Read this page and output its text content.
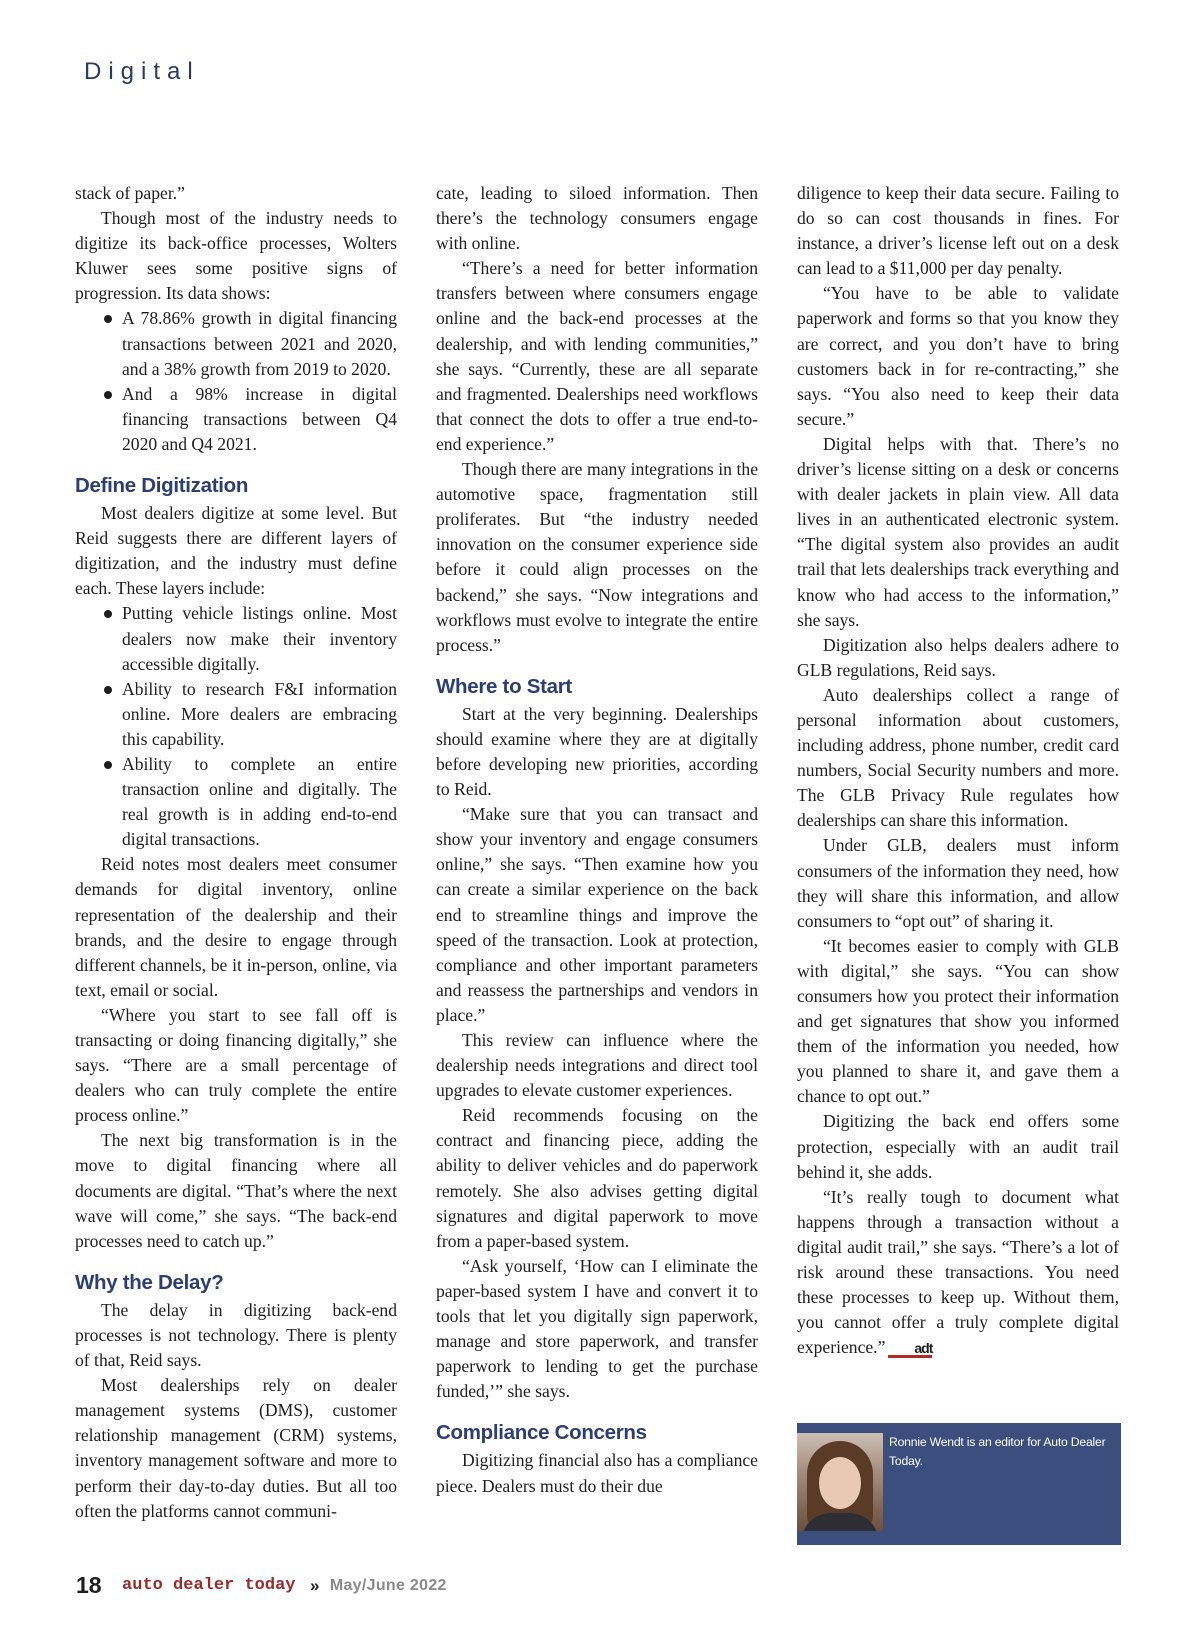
Digital

stack of paper.”

Though most of the industry needs to digitize its back-office processes, Wolters Kluwer sees some positive signs of progression. Its data shows:

A 78.86% growth in digital financing transactions between 2021 and 2020, and a 38% growth from 2019 to 2020.
And a 98% increase in digital financing transactions between Q4 2020 and Q4 2021.
Define Digitization

Most dealers digitize at some level. But Reid suggests there are different layers of digitization, and the industry must define each. These layers include:

Putting vehicle listings online. Most dealers now make their inventory accessible digitally.
Ability to research F&I information online. More dealers are embracing this capability.
Ability to complete an entire transaction online and digitally. The real growth is in adding end-to-end digital transactions.

Reid notes most dealers meet consumer demands for digital inventory, online representation of the dealership and their brands, and the desire to engage through different channels, be it in-person, online, via text, email or social.

“Where you start to see fall off is transacting or doing financing digitally,” she says. “There are a small percentage of dealers who can truly complete the entire process online.”

The next big transformation is in the move to digital financing where all documents are digital. “That’s where the next wave will come,” she says. “The back-end processes need to catch up.”

Why the Delay?

The delay in digitizing back-end processes is not technology. There is plenty of that, Reid says.

Most dealerships rely on dealer management systems (DMS), customer relationship management (CRM) systems, inventory management software and more to perform their day-to-day duties. But all too often the platforms cannot communi-

cate, leading to siloed information. Then there’s the technology consumers engage with online.

“There’s a need for better information transfers between where consumers engage online and the back-end processes at the dealership, and with lending communities,” she says. “Currently, these are all separate and fragmented. Dealerships need workflows that connect the dots to offer a true end-to-end experience.”

Though there are many integrations in the automotive space, fragmentation still proliferates. But “the industry needed innovation on the consumer experience side before it could align processes on the backend,” she says. “Now integrations and workflows must evolve to integrate the entire process.”

Where to Start

Start at the very beginning. Dealerships should examine where they are at digitally before developing new priorities, according to Reid.

“Make sure that you can transact and show your inventory and engage consumers online,” she says. “Then examine how you can create a similar experience on the back end to streamline things and improve the speed of the transaction. Look at protection, compliance and other important parameters and reassess the partnerships and vendors in place.”

This review can influence where the dealership needs integrations and direct tool upgrades to elevate customer experiences.

Reid recommends focusing on the contract and financing piece, adding the ability to deliver vehicles and do paperwork remotely. She also advises getting digital signatures and digital paperwork to move from a paper-based system.

“Ask yourself, ‘How can I eliminate the paper-based system I have and convert it to tools that let you digitally sign paperwork, manage and store paperwork, and transfer paperwork to lending to get the purchase funded,’” she says.

Compliance Concerns

Digitizing financial also has a compliance piece. Dealers must do their due

diligence to keep their data secure. Failing to do so can cost thousands in fines. For instance, a driver’s license left out on a desk can lead to a $11,000 per day penalty.

“You have to be able to validate paperwork and forms so that you know they are correct, and you don’t have to bring customers back in for re-contracting,” she says. “You also need to keep their data secure.”

Digital helps with that. There’s no driver’s license sitting on a desk or concerns with dealer jackets in plain view. All data lives in an authenticated electronic system. “The digital system also provides an audit trail that lets dealerships track everything and know who had access to the information,” she says.

Digitization also helps dealers adhere to GLB regulations, Reid says.

Auto dealerships collect a range of personal information about customers, including address, phone number, credit card numbers, Social Security numbers and more. The GLB Privacy Rule regulates how dealerships can share this information.

Under GLB, dealers must inform consumers of the information they need, how they will share this information, and allow consumers to “opt out” of sharing it.

“It becomes easier to comply with GLB with digital,” she says. “You can show consumers how you protect their information and get signatures that show you informed them of the information you needed, how you planned to share it, and gave them a chance to opt out.”

Digitizing the back end offers some protection, especially with an audit trail behind it, she adds.

“It’s really tough to document what happens through a transaction without a digital audit trail,” she says. “There’s a lot of risk around these transactions. You need these processes to keep up. Without them, you cannot offer a truly complete digital experience.” adt

Ronnie Wendt is an editor for Auto Dealer Today.
18 auto dealer today » May/June 2022
